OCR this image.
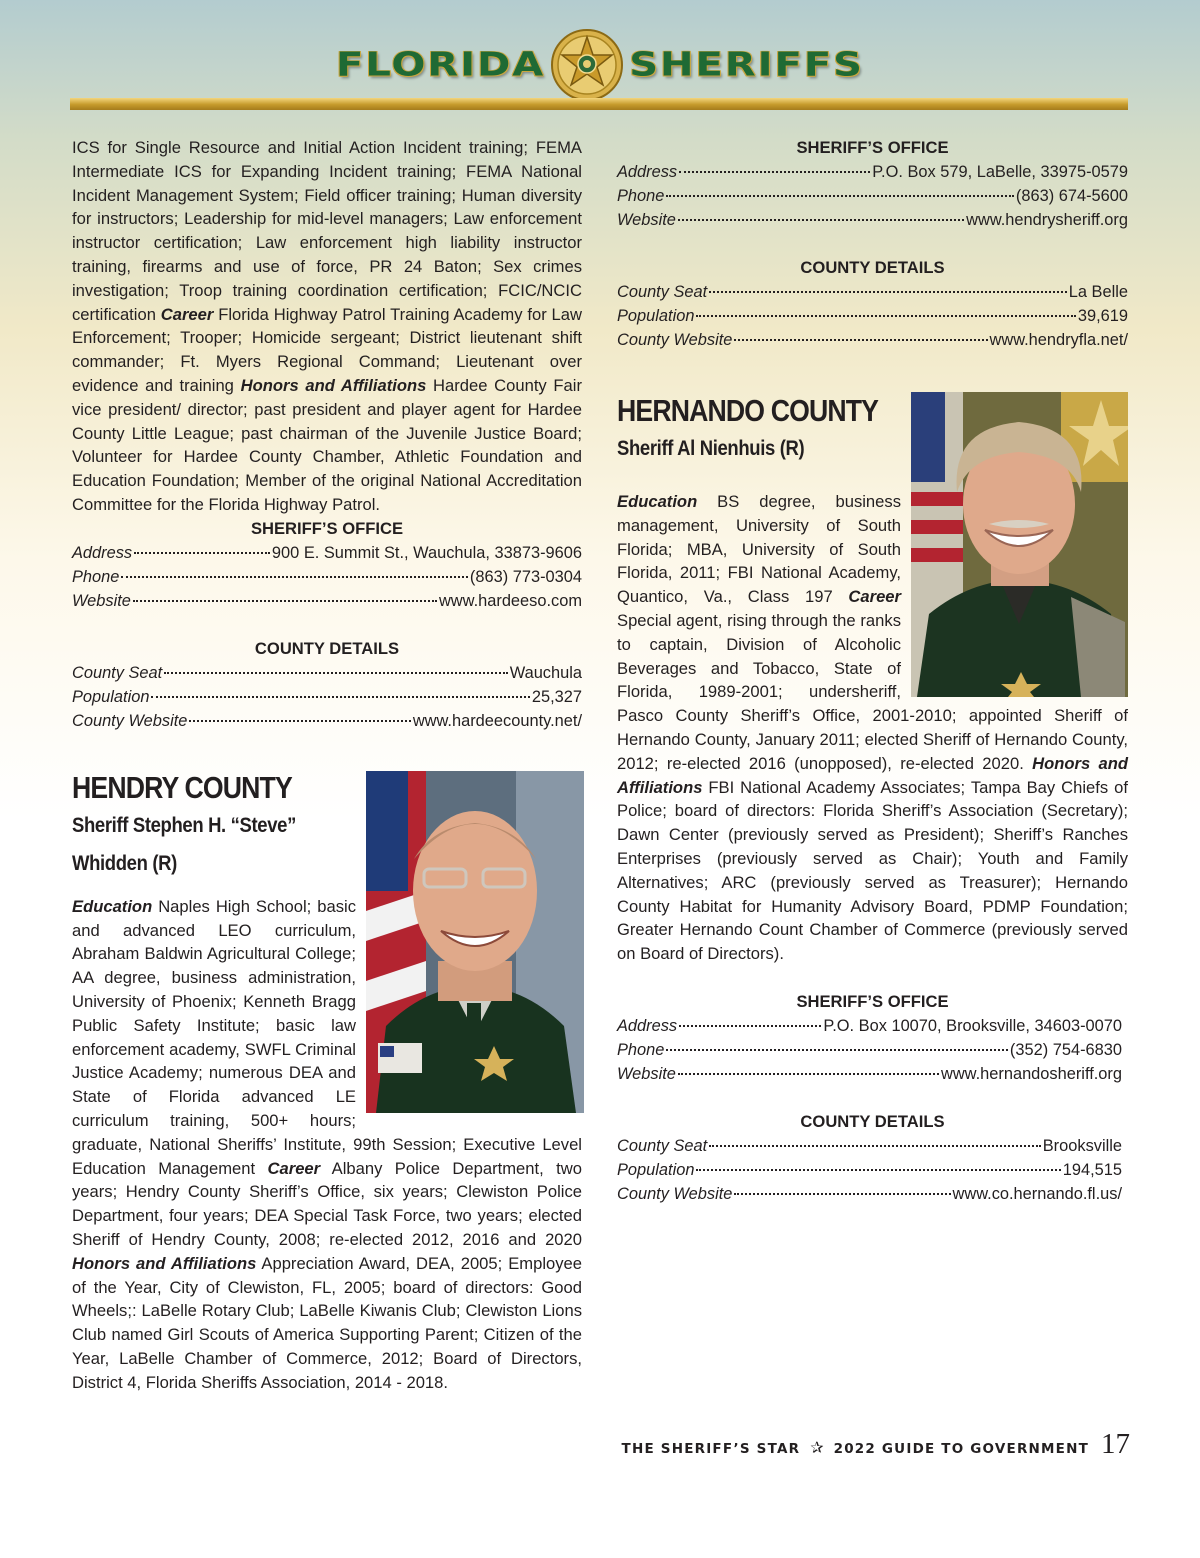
FLORIDA SHERIFFS

ICS for Single Resource and Initial Action Incident training; FEMA Intermediate ICS for Expanding Incident training; FEMA National Incident Management System; Field officer training; Human diversity for instructors; Leadership for mid-level managers; Law enforcement instructor certification; Law enforcement high liability instructor training, firearms and use of force, PR 24 Baton; Sex crimes investigation; Troop training coordination certification; FCIC/NCIC certification Career Florida Highway Patrol Training Academy for Law Enforcement; Trooper; Homicide sergeant; District lieutenant shift commander; Ft. Myers Regional Command; Lieutenant over evidence and training Honors and Affiliations Hardee County Fair vice president/ director; past president and player agent for Hardee County Little League; past chairman of the Juvenile Justice Board; Volunteer for Hardee County Chamber, Athletic Foundation and Education Foundation; Member of the original National Accreditation Committee for the Florida Highway Patrol.

SHERIFF’S OFFICE
Address	900 E. Summit St., Wauchula, 33873-9606
Phone	(863) 773-0304
Website	www.hardeeso.com
COUNTY DETAILS
County Seat	Wauchula
Population	25,327
County Website	www.hardeecounty.net/
HENDRY COUNTY
Sheriff Stephen H. “Steve”
Whidden (R)

Education Naples High School; basic and advanced LEO curriculum, Abraham Baldwin Agricultural College; AA degree, business administration, University of Phoenix; Kenneth Bragg Public Safety Institute; basic law enforcement academy, SWFL Criminal Justice Academy; numerous DEA and State of Florida advanced LE curriculum training, 500+ hours; graduate, National Sheriffs’ Institute, 99th Session; Executive Level Education Management Career Albany Police Department, two years; Hendry County Sheriff’s Office, six years; Clewiston Police Department, four years; DEA Special Task Force, two years; elected Sheriff of Hendry County, 2008; re-elected 2012, 2016 and 2020 Honors and Affiliations Appreciation Award, DEA, 2005; Employee of the Year, City of Clewiston, FL, 2005; board of directors: Good Wheels;: LaBelle Rotary Club; LaBelle Kiwanis Club; Clewiston Lions Club named Girl Scouts of America Supporting Parent; Citizen of the Year, LaBelle Chamber of Commerce, 2012; Board of Directors, District 4, Florida Sheriffs Association, 2014 - 2018.

SHERIFF’S OFFICE
Address	P.O. Box 579, LaBelle, 33975-0579
Phone	(863) 674-5600
Website	www.hendrysheriff.org
COUNTY DETAILS
County Seat	La Belle
Population	39,619
County Website	www.hendryfla.net/
HERNANDO COUNTY
Sheriff Al Nienhuis (R)

Education BS degree, business management, University of South Florida; MBA, University of South Florida, 2011; FBI National Academy, Quantico, Va., Class 197 Career Special agent, rising through the ranks to captain, Division of Alcoholic Beverages and Tobacco, State of Florida, 1989-2001; undersheriff, Pasco County Sheriff’s Office, 2001-2010; appointed Sheriff of Hernando County, January 2011; elected Sheriff of Hernando County, 2012; re-elected 2016 (unopposed), re-elected 2020. Honors and Affiliations FBI National Academy Associates; Tampa Bay Chiefs of Police; board of directors: Florida Sheriff’s Association (Secretary); Dawn Center (previously served as President); Sheriff’s Ranches Enterprises (previously served as Chair); Youth and Family Alternatives; ARC (previously served as Treasurer); Hernando County Habitat for Humanity Advisory Board, PDMP Foundation; Greater Hernando Count Chamber of Commerce (previously served on Board of Directors).

SHERIFF’S OFFICE
Address	P.O. Box 10070, Brooksville, 34603-0070
Phone	(352) 754-6830
Website	www.hernandosheriff.org
COUNTY DETAILS
County Seat	Brooksville
Population	194,515
County Website	www.co.hernando.fl.us/
THE SHERIFF’S STAR ✰ 2022 GUIDE TO GOVERNMENT 17
